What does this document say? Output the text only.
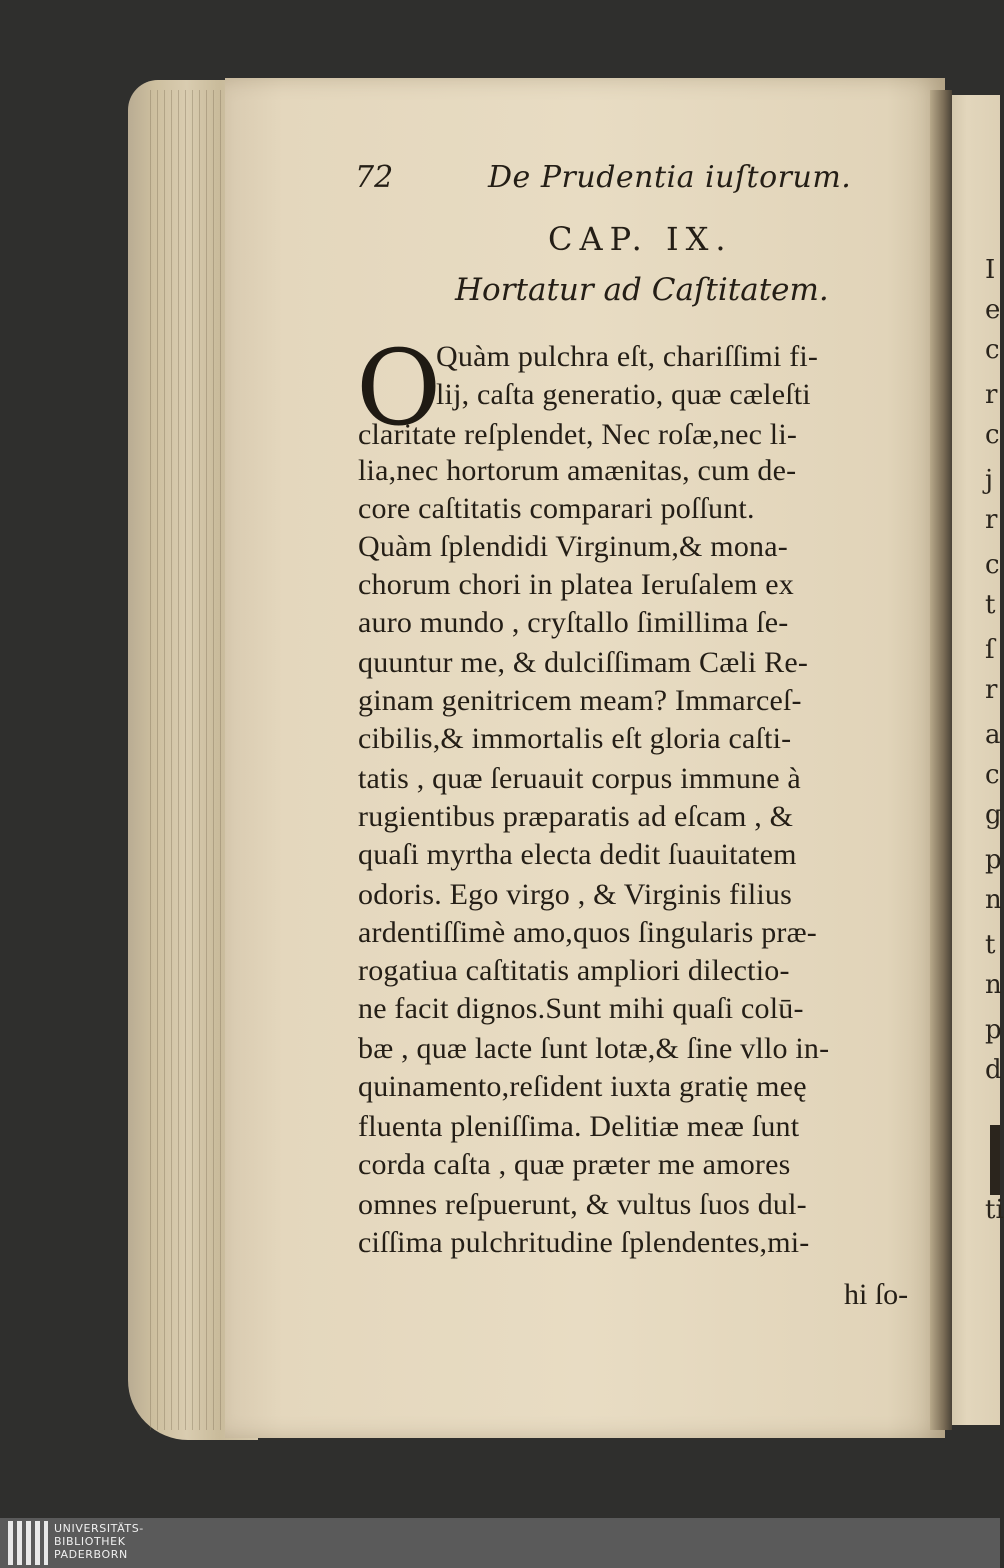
I
e
c
r
c
j
r
c
t
ſ
r
a
c
g
p
n
t
n
p
d
ti
72	De Prudentia iuſtorum.
CAP. IX.
Hortatur ad Caſtitatem.
O
Quàm pulchra eſt, chariſſimi fi-
lij, caſta generatio, quæ cæleſti
claritate reſplendet, Nec roſæ,nec li-
lia,nec hortorum amænitas, cum de-
core caſtitatis comparari poſſunt.
Quàm ſplendidi Virginum,& mona-
chorum chori in platea Ieruſalem ex
auro mundo , cryſtallo ſimillima ſe-
quuntur me, & dulciſſimam Cæli Re-
ginam genitricem meam? Immarceſ-
cibilis,& immortalis eſt gloria caſti-
tatis , quæ ſeruauit corpus immune à
rugientibus præparatis ad eſcam , &
quaſi myrtha electa dedit ſuauitatem
odoris. Ego virgo , & Virginis filius
ardentiſſimè amo,quos ſingularis præ-
rogatiua caſtitatis ampliori dilectio-
ne facit dignos.Sunt mihi quaſi colū-
bæ , quæ lacte ſunt lotæ,& ſine vllo in-
quinamento,reſident iuxta gratię meę
fluenta pleniſſima. Delitiæ meæ ſunt
corda caſta , quæ præter me amores
omnes reſpuerunt, & vultus ſuos dul-
ciſſima pulchritudine ſplendentes,mi-
hi ſo-
UNIVERSITÄTS-
BIBLIOTHEK
PADERBORN
